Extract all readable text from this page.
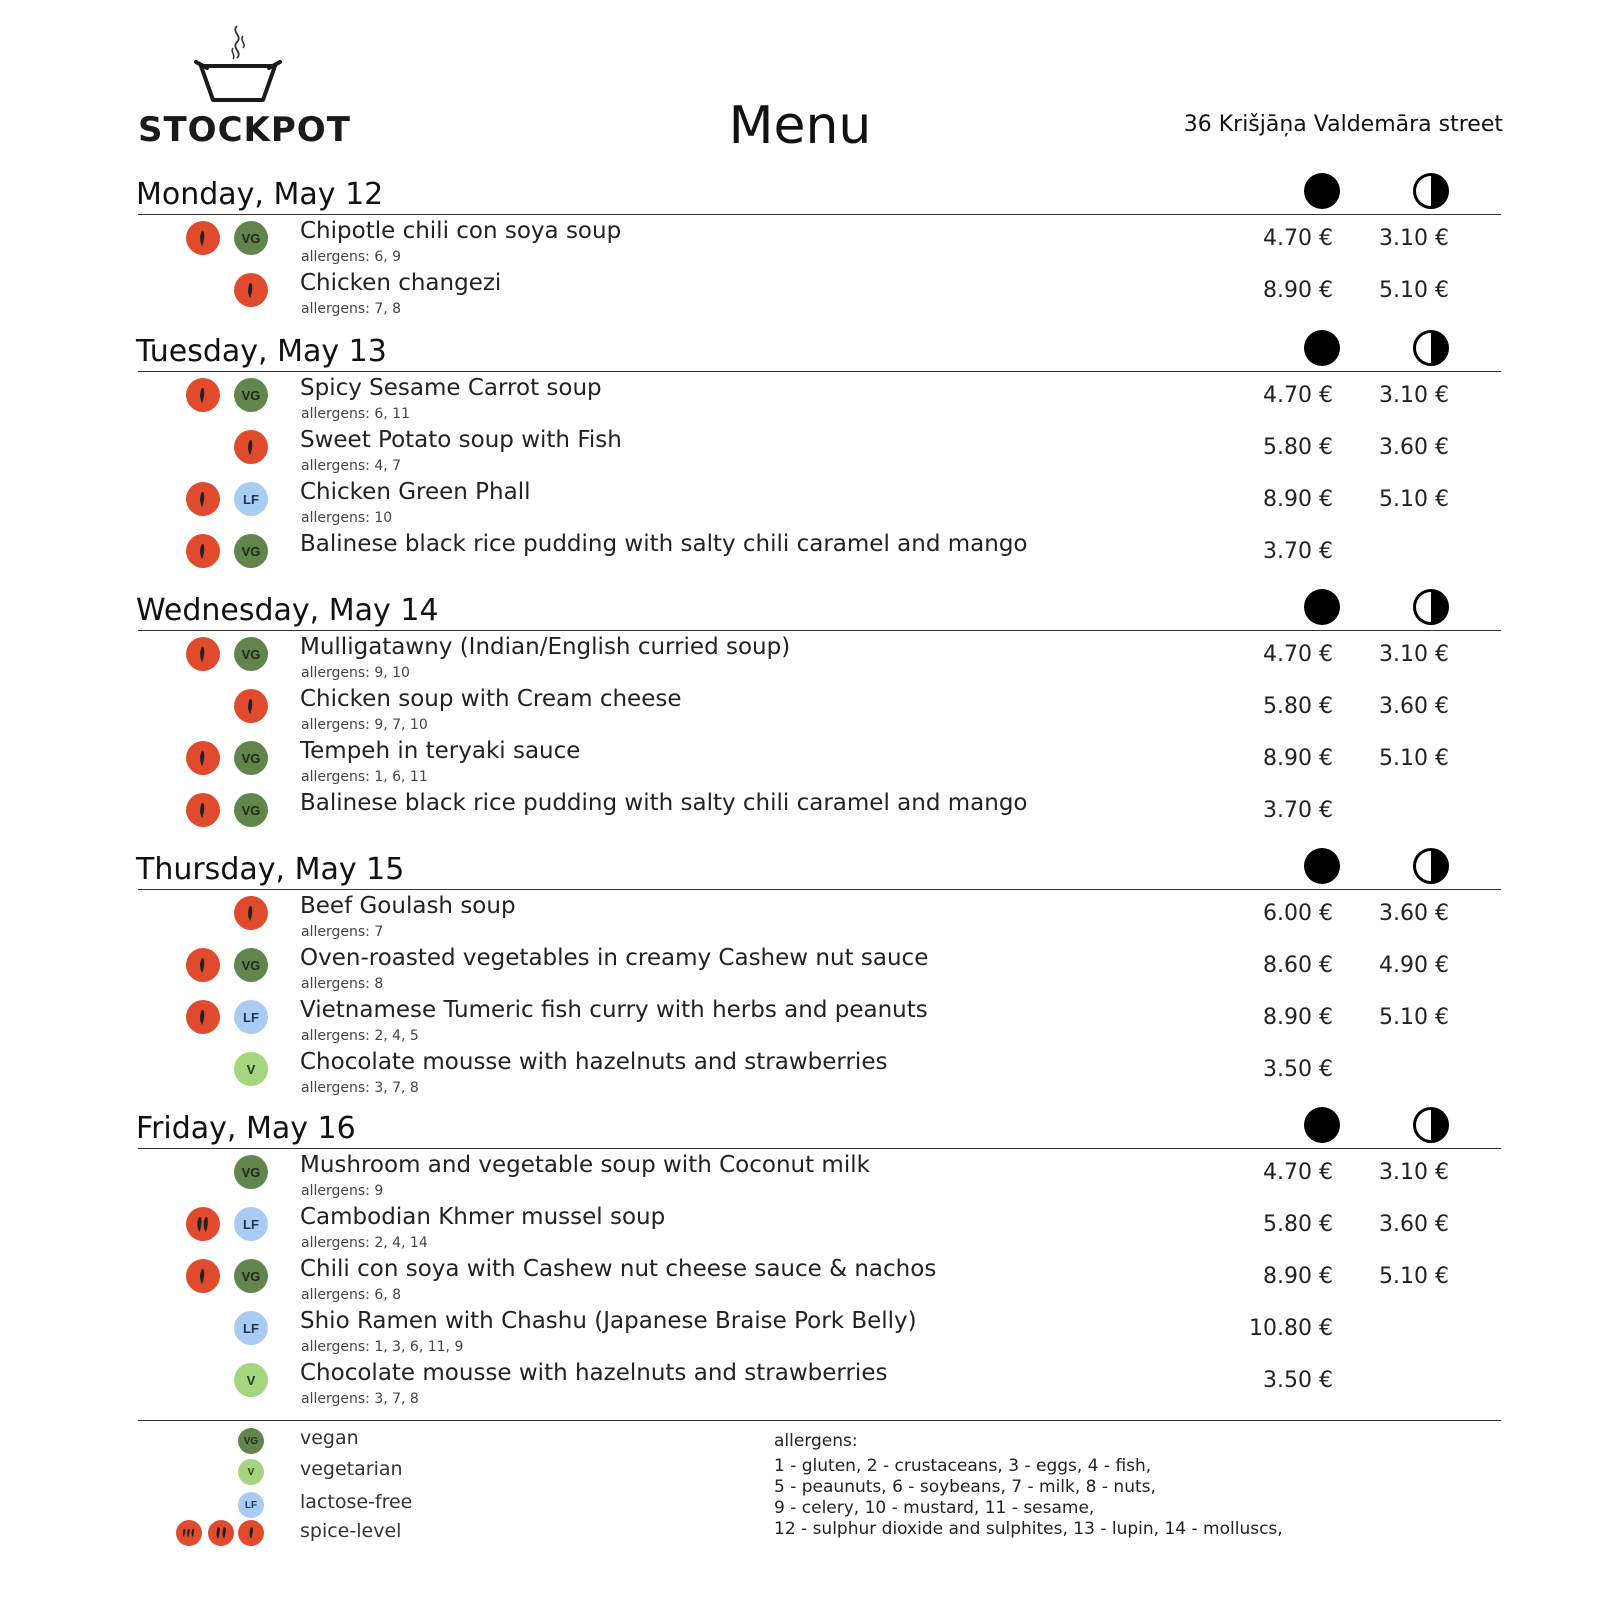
STOCKPOT	Menu	36 Krišjāņa Valdemāra street
Monday, May 12
VG	Chipotle chili con soya soup
allergens: 6, 9
4.70 € 3.10 €
Chicken changezi
allergens: 7, 8
8.90 € 5.10 €
Tuesday, May 13
VG	Spicy Sesame Carrot soup
allergens: 6, 11
4.70 € 3.10 €
Sweet Potato soup with Fish
allergens: 4, 7
5.80 € 3.60 €
LF	Chicken Green Phall
allergens: 10
8.90 € 5.10 €
VG	Balinese black rice pudding with salty chili caramel and mango	3.70 €
Wednesday, May 14
VG	Mulligatawny (Indian/English curried soup)
allergens: 9, 10
4.70 € 3.10 €
Chicken soup with Cream cheese
allergens: 9, 7, 10
5.80 € 3.60 €
VG	Tempeh in teryaki sauce
allergens: 1, 6, 11
8.90 € 5.10 €
VG	Balinese black rice pudding with salty chili caramel and mango	3.70 €
Thursday, May 15
Beef Goulash soup
allergens: 7
6.00 € 3.60 €
VG	Oven-roasted vegetables in creamy Cashew nut sauce
allergens: 8
8.60 € 4.90 €
LF	Vietnamese Tumeric fish curry with herbs and peanuts
allergens: 2, 4, 5
8.90 € 5.10 €
V	Chocolate mousse with hazelnuts and strawberries
allergens: 3, 7, 8
3.50 €
Friday, May 16
VG	Mushroom and vegetable soup with Coconut milk
allergens: 9
4.70 € 3.10 €
LF	Cambodian Khmer mussel soup
allergens: 2, 4, 14
5.80 € 3.60 €
VG	Chili con soya with Cashew nut cheese sauce & nachos
allergens: 6, 8
8.90 € 5.10 €
LF	Shio Ramen with Chashu (Japanese Braise Pork Belly)
allergens: 1, 3, 6, 11, 9
10.80 €
V	Chocolate mousse with hazelnuts and strawberries
allergens: 3, 7, 8
3.50 €
VG	vegan
V	vegetarian
LF	lactose-free
spice-level
allergens:
1 - gluten, 2 - crustaceans, 3 - eggs, 4 - fish,
5 - peaunuts, 6 - soybeans, 7 - milk, 8 - nuts,
9 - celery, 10 - mustard, 11 - sesame,
12 - sulphur dioxide and sulphites, 13 - lupin, 14 - molluscs,
